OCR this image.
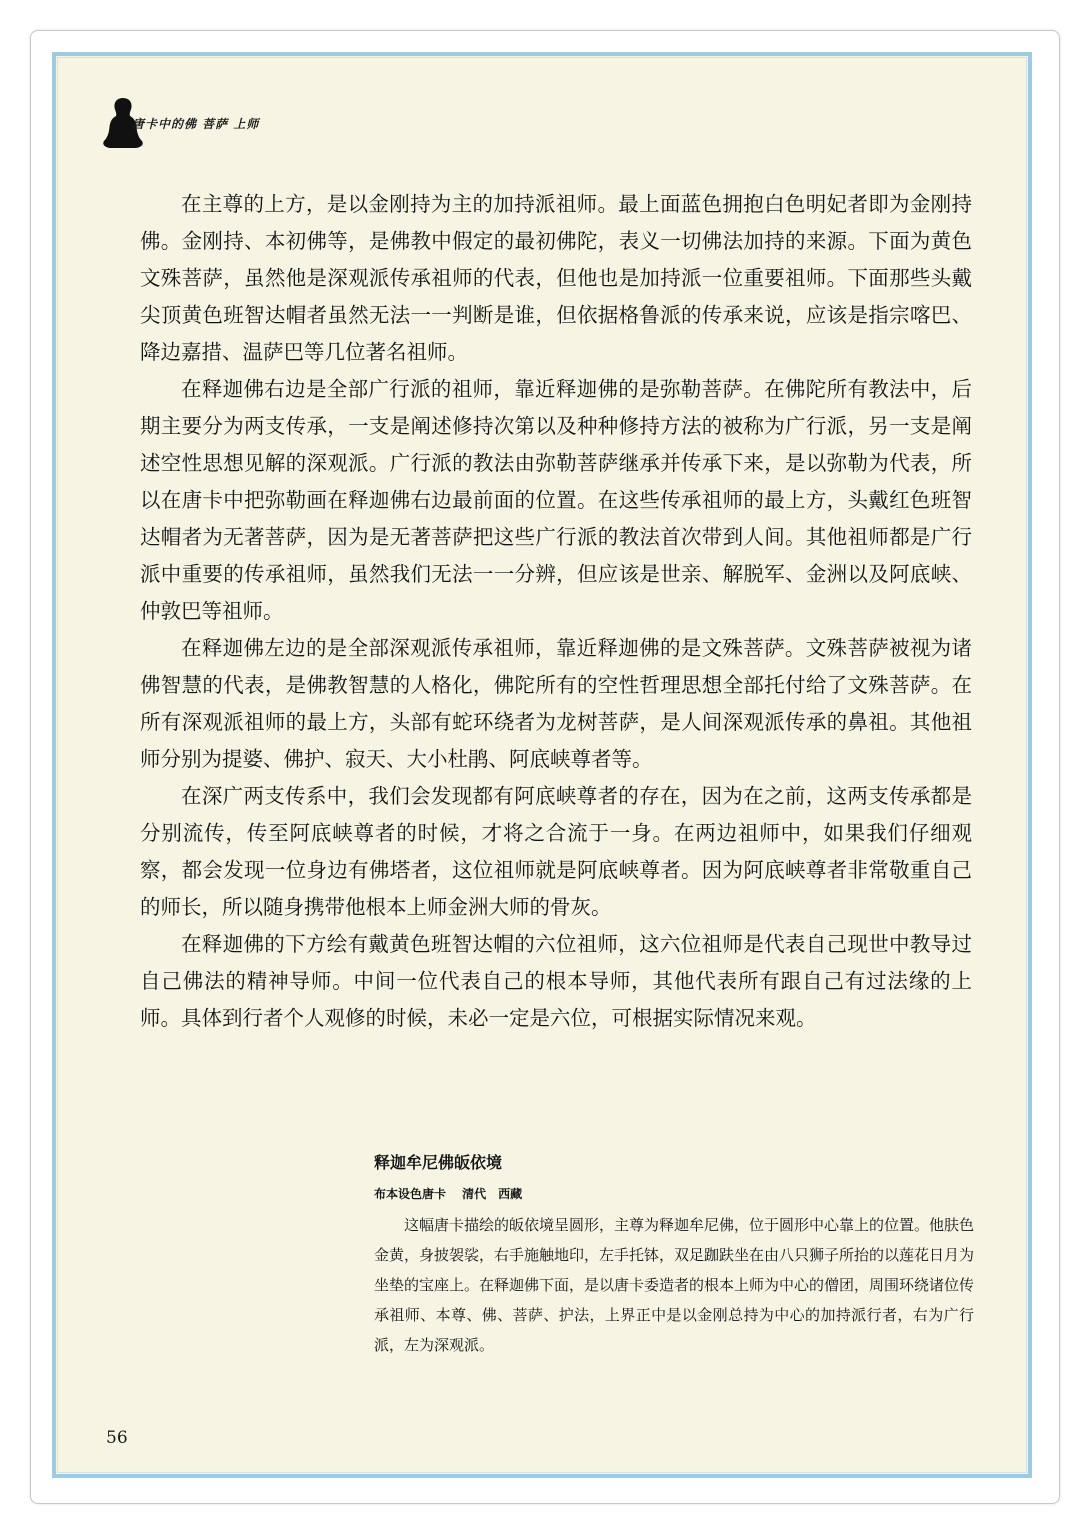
唐卡中的佛 菩萨 上师

在主尊的上方，是以金刚持为主的加持派祖师。最上面蓝色拥抱白色明妃者即为金刚持佛。金刚持、本初佛等，是佛教中假定的最初佛陀，表义一切佛法加持的来源。下面为黄色文殊菩萨，虽然他是深观派传承祖师的代表，但他也是加持派一位重要祖师。下面那些头戴尖顶黄色班智达帽者虽然无法一一判断是谁，但依据格鲁派的传承来说，应该是指宗喀巴、降边嘉措、温萨巴等几位著名祖师。

在释迦佛右边是全部广行派的祖师，靠近释迦佛的是弥勒菩萨。在佛陀所有教法中，后期主要分为两支传承，一支是阐述修持次第以及种种修持方法的被称为广行派，另一支是阐述空性思想见解的深观派。广行派的教法由弥勒菩萨继承并传承下来，是以弥勒为代表，所以在唐卡中把弥勒画在释迦佛右边最前面的位置。在这些传承祖师的最上方，头戴红色班智达帽者为无著菩萨，因为是无著菩萨把这些广行派的教法首次带到人间。其他祖师都是广行派中重要的传承祖师，虽然我们无法一一分辨，但应该是世亲、解脱军、金洲以及阿底峡、仲敦巴等祖师。

在释迦佛左边的是全部深观派传承祖师，靠近释迦佛的是文殊菩萨。文殊菩萨被视为诸佛智慧的代表，是佛教智慧的人格化，佛陀所有的空性哲理思想全部托付给了文殊菩萨。在所有深观派祖师的最上方，头部有蛇环绕者为龙树菩萨，是人间深观派传承的鼻祖。其他祖师分别为提婆、佛护、寂天、大小杜鹃、阿底峡尊者等。

在深广两支传系中，我们会发现都有阿底峡尊者的存在，因为在之前，这两支传承都是分别流传，传至阿底峡尊者的时候，才将之合流于一身。在两边祖师中，如果我们仔细观察，都会发现一位身边有佛塔者，这位祖师就是阿底峡尊者。因为阿底峡尊者非常敬重自己的师长，所以随身携带他根本上师金洲大师的骨灰。

在释迦佛的下方绘有戴黄色班智达帽的六位祖师，这六位祖师是代表自己现世中教导过自己佛法的精神导师。中间一位代表自己的根本导师，其他代表所有跟自己有过法缘的上师。具体到行者个人观修的时候，未必一定是六位，可根据实际情况来观。

释迦牟尼佛皈依境
布本设色唐卡　 清代　西藏

这幅唐卡描绘的皈依境呈圆形，主尊为释迦牟尼佛，位于圆形中心靠上的位置。他肤色金黄，身披袈裟，右手施触地印，左手托钵，双足跏趺坐在由八只狮子所抬的以莲花日月为坐垫的宝座上。在释迦佛下面，是以唐卡委造者的根本上师为中心的僧团，周围环绕诸位传承祖师、本尊、佛、菩萨、护法，上界正中是以金刚总持为中心的加持派行者，右为广行派，左为深观派。

56
